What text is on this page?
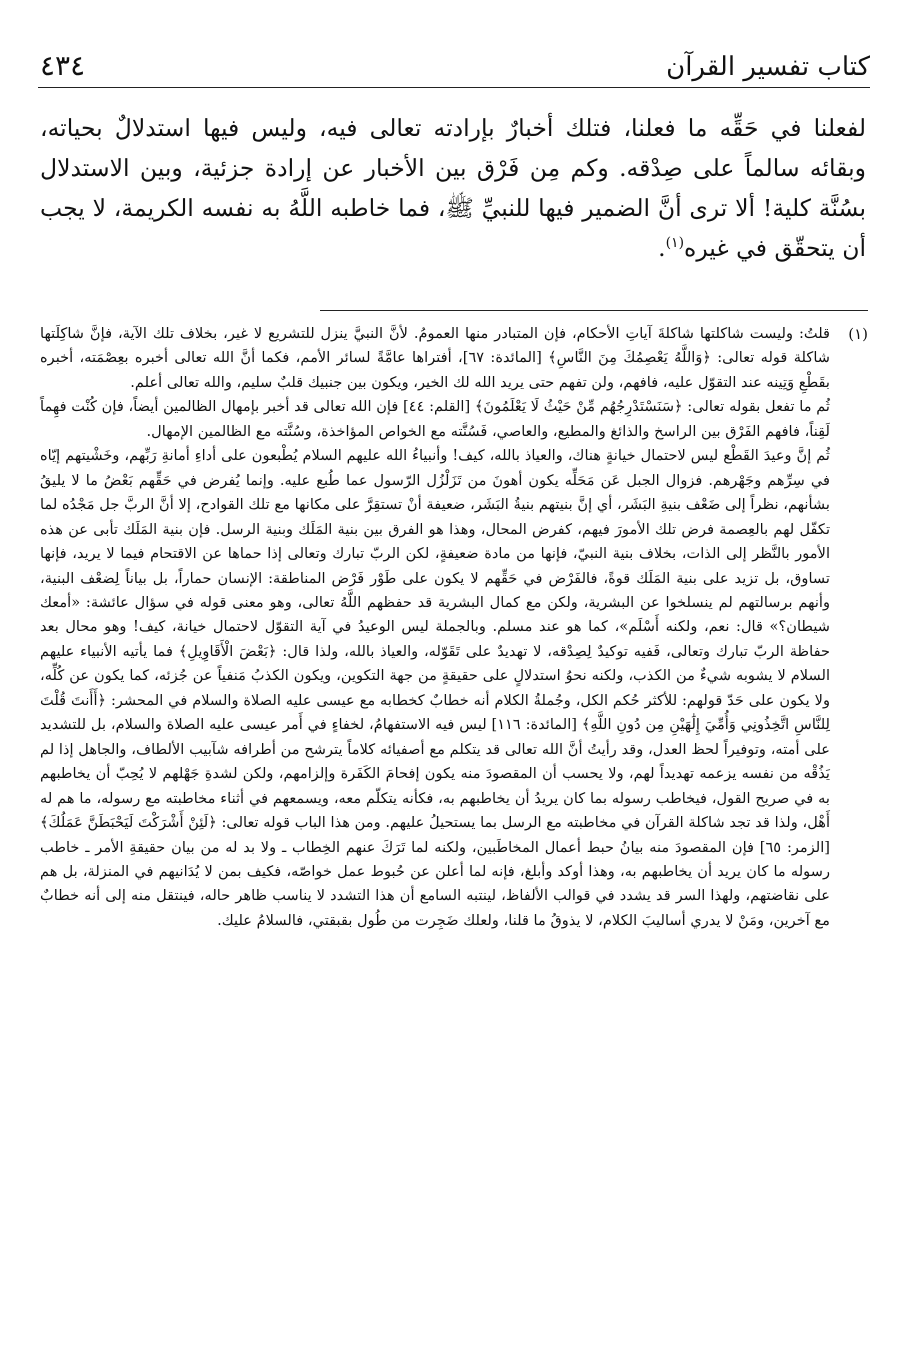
كتاب تفسير القرآن
٤٣٤
لفعلنا في حَقِّه ما فعلنا، فتلك أخبارٌ بإرادته تعالى فيه، وليس فيها استدلالٌ بحياته، وبقائه سالماً على صِدْقه. وكم مِن فَرْق بين الأخبار عن إرادة جزئية، وبين الاستدلال بسُنَّة كلية! ألا ترى أنَّ الضمير فيها للنبيِّ ﷺ، فما خاطبه اللَّهُ به نفسه الكريمة، لا يجب أن يتحقّق في غيره$^{(١)}$.
(١)

قلتُ: وليست شاكلتها شاكلةَ آياتِ الأحكام، فإن المتبادر منها العمومُ. لأنَّ النبيَّ ينزل للتشريع لا غير، بخلاف تلك الآية، فإنَّ شاكِلَتها شاكلة قوله تعالى: ﴿وَاللَّهُ يَعْصِمُكَ مِنَ النَّاسِ﴾ [المائدة: ٦٧]، أفتراها عامَّةً لسائر الأمم، فكما أنَّ الله تعالى أخبره بعِصْمَته، أخبره بقَطْعِ وَتِينه عند التقوّل عليه، فافهم، ولن تفهم حتى يريد الله لك الخير، ويكون بين جنبيك قلبٌ سليم، والله تعالى أعلم.

ثُم ما تفعل بقوله تعالى: ﴿سَنَسْتَدْرِجُهُم مِّنْ حَيْثُ لَا يَعْلَمُونَ﴾ [القلم: ٤٤] فإن الله تعالى قد أخبر بإمهال الظالمين أيضاً، فإن كُنْت فهِماً لَقِناً، فافهم الفَرْق بين الراسخ والذائغ والمطيع، والعاصي، فَسُنَّته مع الخواص المؤاخذة، وسُنَّته مع الظالمين الإمهال.

ثُم إنَّ وعيدَ القَطْع ليس لاحتمال خيانةٍ هناك، والعياذ بالله، كيف! وأنبياءُ الله عليهم السلام يُطْبعون على أداءِ أمانةِ رَبِّهم، وخَشْيتهم إيّاه في سِرِّهم وجَهْرهم. فزوال الجبل عَن مَحَلِّه يكون أهونَ من تَزَلْزُل الرّسول عما طُبع عليه. وإنما يُفرض في حَقِّهم بَعْضُ ما لا يليقُ بشأنهم، نظراً إلى ضَعْف بنيةِ البَشَر، أي إنَّ بنيتهم بنيةُ البَشَر، ضعيفة أنْ تستقِرَّ على مكانها مع تلك القوادح، إلا أنَّ الربَّ جل مَجْدُه لما تكفّل لهم بالعِصمة فرض تلك الأمورَ فيهم، كفرض المحال، وهذا هو الفرق بين بنية المَلَك وبنية الرسل. فإن بنية المَلَك تأبى عن هذه الأمور بالنَّظر إلى الذات، بخلاف بنية النبيّ، فإنها من مادة ضعيفةٍ، لكن الربّ تبارك وتعالى إذا حماها عن الاقتحام فيما لا يريد، فإنها تساوق، بل تزيد على بنية المَلَك قوةً، فالفَرْض في حَقِّهم لا يكون على طَوْر فَرْض المناطقة: الإنسان حماراً، بل بياناً لِضعْف البنية، وأنهم برسالتهم لم ينسلخوا عن البشرية، ولكن مع كمال البشرية قد حفظهم اللَّهُ تعالى، وهو معنى قوله في سؤال عائشة: «أمعك شيطان؟» قال: نعم، ولكنه أَسْلَم»، كما هو عند مسلم. وبالجملة ليس الوعيدُ في آية التقوّل لاحتمال خيانة، كيف! وهو محال بعد حفاظة الربّ تبارك وتعالى، فَفيه توكيدٌ لِصِدْقه، لا تهديدٌ على تَقَوّله، والعياذ بالله، ولذا قال: ﴿بَعْضَ الْأَقَاوِيلِ﴾ فما يأتيه الأنبياء عليهم السلام لا يشوبه شيءٌ من الكذب، ولكنه نحوُ استدلالٍ على حقيقةٍ من جهة التكوين، ويكون الكذبُ مَنفياً عن جُزئه، كما يكون عن كُلِّه، ولا يكون على حَدّ قولهم: للأكثر حُكم الكل، وجُملةُ الكلام أنه خطابٌ كخطابه مع عيسى عليه الصلاة والسلام في المحشر: ﴿أَأَنتَ قُلْتَ لِلنَّاسِ اتَّخِذُونِي وَأُمِّيَ إِلَٰهَيْنِ مِن دُونِ اللَّهِ﴾ [المائدة: ١١٦] ليس فيه الاستفهامُ، لخفاءٍ في أَمر عيسى عليه الصلاة والسلام، بل للتشديد على أمته، وتوفيراً لحظ العدل، وقد رأيتُ أنَّ الله تعالى قد يتكلم مع أصفيائه كلاماً يترشح من أطرافه شآبيب الألطاف، والجاهل إذا لم يَذُقْه من نفسه يزعمه تهديداً لهم، ولا يحسب أن المقصودَ منه يكون إفحامَ الكَفَرة وإلزامهم، ولكن لشدةِ جَهْلهم لا يُحِبّ أن يخاطبهم به في صريح القول، فيخاطب رسوله بما كان يريدُ أن يخاطبهم به، فكأنه يتكلّم معه، ويسمعهم في أثناء مخاطبته مع رسوله، ما هم له أَهْل، ولذا قد تجد شاكلة القرآن في مخاطبته مع الرسل بما يستحيلُ عليهم. ومن هذا الباب قوله تعالى: ﴿لَئِنْ أَشْرَكْتَ لَيَحْبَطَنَّ عَمَلُكَ﴾ [الزمر: ٦٥] فإن المقصودَ منه بيانُ حبط أعمال المخاطَبين، ولكنه لما تَرَكَ عنهم الخِطاب ـ ولا بد له من بيان حقيقةِ الأمر ـ خاطب رسوله ما كان يريد أن يخاطبهم به، وهذا أوكد وأبلغ، فإنه لما أعلن عن حُبوط عمل خواصّه، فكيف بمن لا يُدَانيهم في المنزلة، بل هم على نقاضتهم، ولهذا السر قد يشدد في قوالب الألفاظ، لينتبه السامع أن هذا التشدد لا يناسب ظاهر حاله، فينتقل منه إلى أنه خطابٌ مع آخرين، ومَنْ لا يدري أساليبَ الكلام، لا يذوقُ ما قلنا، ولعلك ضَجِرت من طُول بقبقتي، فالسلامُ عليك.
